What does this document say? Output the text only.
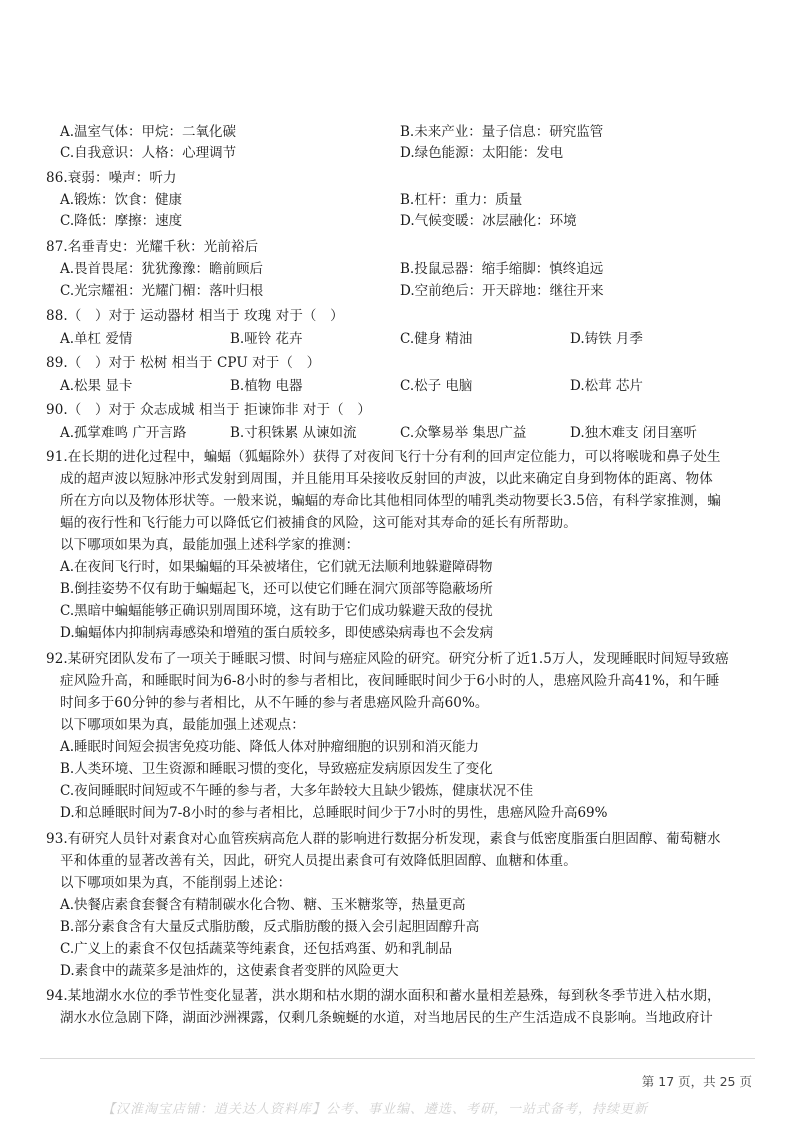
A.温室气体：甲烷：二氧化碳	B.未来产业：量子信息：研究监管
C.自我意识：人格：心理调节	D.绿色能源：太阳能：发电
86.衰弱：噪声：听力
A.锻炼：饮食：健康	B.杠杆：重力：质量
C.降低：摩擦：速度	D.气候变暖：冰层融化：环境
87.名垂青史：光耀千秋：光前裕后
A.畏首畏尾：犹犹豫豫：瞻前顾后	B.投鼠忌器：缩手缩脚：慎终追远
C.光宗耀祖：光耀门楣：落叶归根	D.空前绝后：开天辟地：继往开来
88.（　）对于 运动器材 相当于 玫瑰 对于（　）
A.单杠 爱情	B.哑铃 花卉	C.健身 精油	D.铸铁 月季
89.（　）对于 松树 相当于 CPU 对于（　）
A.松果 显卡	B.植物 电器	C.松子 电脑	D.松茸 芯片
90.（　）对于 众志成城 相当于 拒谏饰非 对于（　）
A.孤掌难鸣 广开言路	B.寸积铢累 从谏如流	C.众擎易举 集思广益	D.独木难支 闭目塞听
91.在长期的进化过程中，蝙蝠（狐蝠除外）获得了对夜间飞行十分有利的回声定位能力，可以将喉咙和鼻子处生
成的超声波以短脉冲形式发射到周围，并且能用耳朵接收反射回的声波，以此来确定自身到物体的距离、物体
所在方向以及物体形状等。一般来说，蝙蝠的寿命比其他相同体型的哺乳类动物要长3.5倍，有科学家推测，蝙
蝠的夜行性和飞行能力可以降低它们被捕食的风险，这可能对其寿命的延长有所帮助。
以下哪项如果为真，最能加强上述科学家的推测：
A.在夜间飞行时，如果蝙蝠的耳朵被堵住，它们就无法顺利地躲避障碍物
B.倒挂姿势不仅有助于蝙蝠起飞，还可以使它们睡在洞穴顶部等隐蔽场所
C.黑暗中蝙蝠能够正确识别周围环境，这有助于它们成功躲避天敌的侵扰
D.蝙蝠体内抑制病毒感染和增殖的蛋白质较多，即使感染病毒也不会发病
92.某研究团队发布了一项关于睡眠习惯、时间与癌症风险的研究。研究分析了近1.5万人，发现睡眠时间短导致癌
症风险升高，和睡眠时间为6-8小时的参与者相比，夜间睡眠时间少于6小时的人，患癌风险升高41%，和午睡
时间多于60分钟的参与者相比，从不午睡的参与者患癌风险升高60%。
以下哪项如果为真，最能加强上述观点：
A.睡眠时间短会损害免疫功能、降低人体对肿瘤细胞的识别和消灭能力
B.人类环境、卫生资源和睡眠习惯的变化，导致癌症发病原因发生了变化
C.夜间睡眠时间短或不午睡的参与者，大多年龄较大且缺少锻炼，健康状况不佳
D.和总睡眠时间为7-8小时的参与者相比，总睡眠时间少于7小时的男性，患癌风险升高69%
93.有研究人员针对素食对心血管疾病高危人群的影响进行数据分析发现，素食与低密度脂蛋白胆固醇、葡萄糖水
平和体重的显著改善有关，因此，研究人员提出素食可有效降低胆固醇、血糖和体重。
以下哪项如果为真，不能削弱上述论：
A.快餐店素食套餐含有精制碳水化合物、糖、玉米糖浆等，热量更高
B.部分素食含有大量反式脂肪酸，反式脂肪酸的摄入会引起胆固醇升高
C.广义上的素食不仅包括蔬菜等纯素食，还包括鸡蛋、奶和乳制品
D.素食中的蔬菜多是油炸的，这使素食者变胖的风险更大
94.某地湖水水位的季节性变化显著，洪水期和枯水期的湖水面积和蓄水量相差悬殊，每到秋冬季节进入枯水期，
湖水水位急剧下降，湖面沙洲裸露，仅剩几条蜿蜒的水道，对当地居民的生产生活造成不良影响。当地政府计
第 17 页，共 25 页
【汉淮淘宝店铺：逍关达人资料库】公考、事业编、遴选、考研，一站式备考，持续更新
